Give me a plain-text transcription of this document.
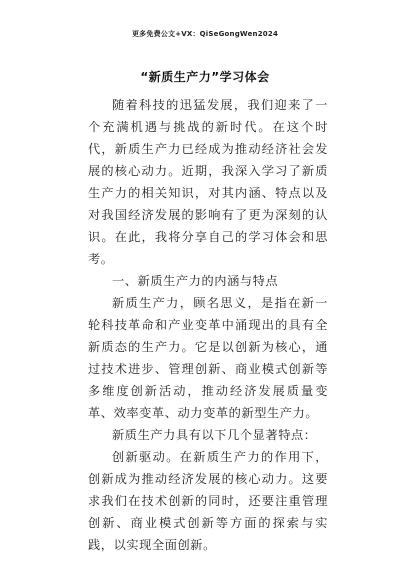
更多免费公文+VX：QiSeGongWen2024
“新质生产力”学习体会

随着科技的迅猛发展，我们迎来了一个充满机遇与挑战的新时代。在这个时代，新质生产力已经成为推动经济社会发展的核心动力。近期，我深入学习了新质生产力的相关知识，对其内涵、特点以及对我国经济发展的影响有了更为深刻的认识。在此，我将分享自己的学习体会和思考。

一、新质生产力的内涵与特点

新质生产力，顾名思义，是指在新一轮科技革命和产业变革中涌现出的具有全新质态的生产力。它是以创新为核心，通过技术进步、管理创新、商业模式创新等多维度创新活动，推动经济发展质量变革、效率变革、动力变革的新型生产力。

新质生产力具有以下几个显著特点：

创新驱动。在新质生产力的作用下，创新成为推动经济发展的核心动力。这要求我们在技术创新的同时，还要注重管理创新、商业模式创新等方面的探索与实践，以实现全面创新。
